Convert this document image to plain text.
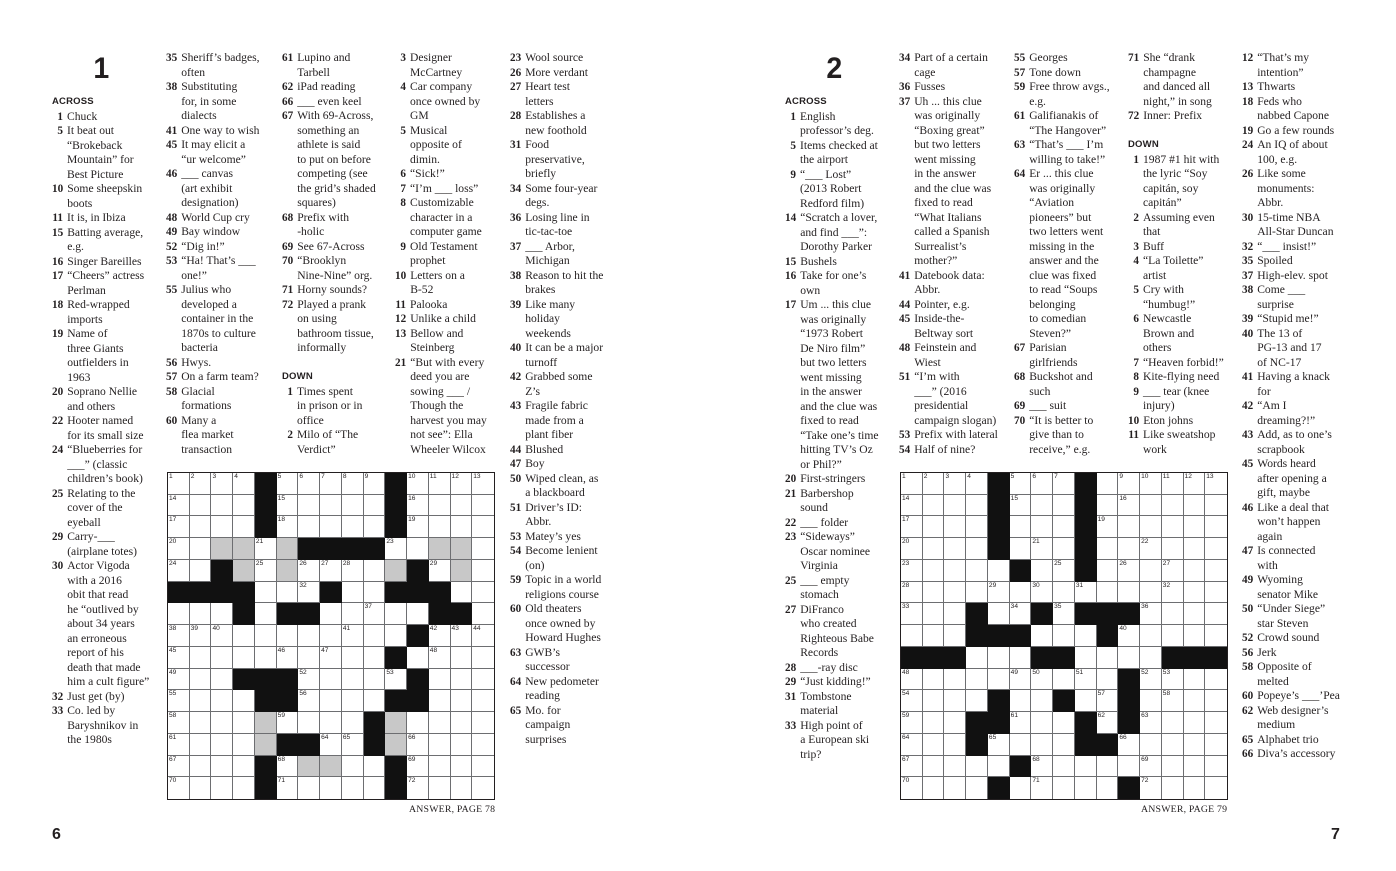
1
ACROSS
1 Chuck
5 It beat out
“Brokeback
Mountain” for
Best Picture
10 Some sheepskin
boots
11 It is, in Ibiza
15 Batting average,
e.g.
16 Singer Bareilles
17 “Cheers” actress
Perlman
18 Red-wrapped
imports
19 Name of
three Giants
outfielders in
1963
20 Soprano Nellie
and others
22 Hooter named
for its small size
24 “Blueberries for
___” (classic
children’s book)
25 Relating to the
cover of the
eyeball
29 Carry-___
(airplane totes)
30 Actor Vigoda
with a 2016
obit that read
he “outlived by
about 34 years
an erroneous
report of his
death that made
him a cult figure”
32 Just get (by)
33 Co. led by
Baryshnikov in
the 1980s
35 Sheriff’s badges,
often
38 Substituting
for, in some
dialects
41 One way to wish
45 It may elicit a
“ur welcome”
46 ___ canvas
(art exhibit
designation)
48 World Cup cry
49 Bay window
52 “Dig in!”
53 “Ha! That’s ___
one!”
55 Julius who
developed a
container in the
1870s to culture
bacteria
56 Hwys.
57 On a farm team?
58 Glacial
formations
60 Many a
flea market
transaction
61 Lupino and
Tarbell
62 iPad reading
66 ___ even keel
67 With 69-Across,
something an
athlete is said
to put on before
competing (see
the grid’s shaded
squares)
68 Prefix with
-holic
69 See 67-Across
70 “Brooklyn
Nine-Nine” org.
71 Horny sounds?
72 Played a prank
on using
bathroom tissue,
informally
DOWN
1 Times spent
in prison or in
office
2 Milo of “The
Verdict”
3 Designer
McCartney
4 Car company
once owned by
GM
5 Musical
opposite of
dimin.
6 “Sick!”
7 “I’m ___ loss”
8 Customizable
character in a
computer game
9 Old Testament
prophet
10 Letters on a
B-52
11 Palooka
12 Unlike a child
13 Bellow and
Steinberg
21 “But with every
deed you are
sowing ___ /
Though the
harvest you may
not see”: Ella
Wheeler Wilcox
23 Wool source
26 More verdant
27 Heart test
letters
28 Establishes a
new foothold
31 Food
preservative,
briefly
34 Some four-year
degs.
36 Losing line in
tic-tac-toe
37 ___ Arbor,
Michigan
38 Reason to hit the
brakes
39 Like many
holiday
weekends
40 It can be a major
turnoff
42 Grabbed some
Z’s
43 Fragile fabric
made from a
plant fiber
44 Blushed
47 Boy
50 Wiped clean, as
a blackboard
51 Driver’s ID:
Abbr.
53 Matey’s yes
54 Become lenient
(on)
59 Topic in a world
religions course
60 Old theaters
once owned by
Howard Hughes
63 GWB’s
successor
64 New pedometer
reading
65 Mo. for
campaign
surprises
1	2	3	4	5	6	7	8	9	10 11 12 13
14	15	16
17	18	19
20	21	23
24	25	26 27 28	29
32
37
38 39 40	41	42 43 44
45	46	47	48
49	52	53
55	56
58	59
61	64 65	66
67	68	69
70	71	72
ANSWER, PAGE 78
6
2
ACROSS
1 English
professor’s deg.
5 Items checked at
the airport
9 “___ Lost”
(2013 Robert
Redford film)
14 “Scratch a lover,
and find ___”:
Dorothy Parker
15 Bushels
16 Take for one’s
own
17 Um ... this clue
was originally
“1973 Robert
De Niro film”
but two letters
went missing
in the answer
and the clue was
fixed to read
“Take one’s time
hitting TV’s Oz
or Phil?”
20 First-stringers
21 Barbershop
sound
22 ___ folder
23 “Sideways”
Oscar nominee
Virginia
25 ___ empty
stomach
27 DiFranco
who created
Righteous Babe
Records
28 ___-ray disc
29 “Just kidding!”
31 Tombstone
material
33 High point of
a European ski
trip?
34 Part of a certain
cage
36 Fusses
37 Uh ... this clue
was originally
“Boxing great”
but two letters
went missing
in the answer
and the clue was
fixed to read
“What Italians
called a Spanish
Surrealist’s
mother?”
41 Datebook data:
Abbr.
44 Pointer, e.g.
45 Inside-the-
Beltway sort
48 Feinstein and
Wiest
51 “I’m with
___” (2016
presidential
campaign slogan)
53 Prefix with lateral
54 Half of nine?
55 Georges
57 Tone down
59 Free throw avgs.,
e.g.
61 Galifianakis of
“The Hangover”
63 “That’s ___ I’m
willing to take!”
64 Er ... this clue
was originally
“Aviation
pioneers” but
two letters went
missing in the
answer and the
clue was fixed
to read “Soups
belonging
to comedian
Steven?”
67 Parisian
girlfriends
68 Buckshot and
such
69 ___ suit
70 “It is better to
give than to
receive,” e.g.
71 She “drank
champagne
and danced all
night,” in song
72 Inner: Prefix
DOWN
1 1987 #1 hit with
the lyric “Soy
capitán, soy
capitán”
2 Assuming even
that
3 Buff
4 “La Toilette”
artist
5 Cry with
“humbug!”
6 Newcastle
Brown and
others
7 “Heaven forbid!”
8 Kite-flying need
9 ___ tear (knee
injury)
10 Eton johns
11 Like sweatshop
work
12 “That’s my
intention”
13 Thwarts
18 Feds who
nabbed Capone
19 Go a few rounds
24 An IQ of about
100, e.g.
26 Like some
monuments:
Abbr.
30 15-time NBA
All-Star Duncan
32 “___ insist!”
35 Spoiled
37 High-elev. spot
38 Come ___
surprise
39 “Stupid me!”
40 The 13 of
PG-13 and 17
of NC-17
41 Having a knack
for
42 “Am I
dreaming?!”
43 Add, as to one’s
scrapbook
45 Words heard
after opening a
gift, maybe
46 Like a deal that
won’t happen
again
47 Is connected
with
49 Wyoming
senator Mike
50 “Under Siege”
star Steven
52 Crowd sound
56 Jerk
58 Opposite of
melted
60 Popeye’s ___’Pea
62 Web designer’s
medium
65 Alphabet trio
66 Diva’s accessory
1	2	3	4	5	6	7	9	10 11 12 13
14	15	16
17	19
20	21	22
23	25	26	27
28	29	30	31	32
33	34	35	36
40
48	49 50	51	52 53
54	57	58
59	61	62	63
64	65	66
67	68	69
70	71	72
ANSWER, PAGE 79
7
